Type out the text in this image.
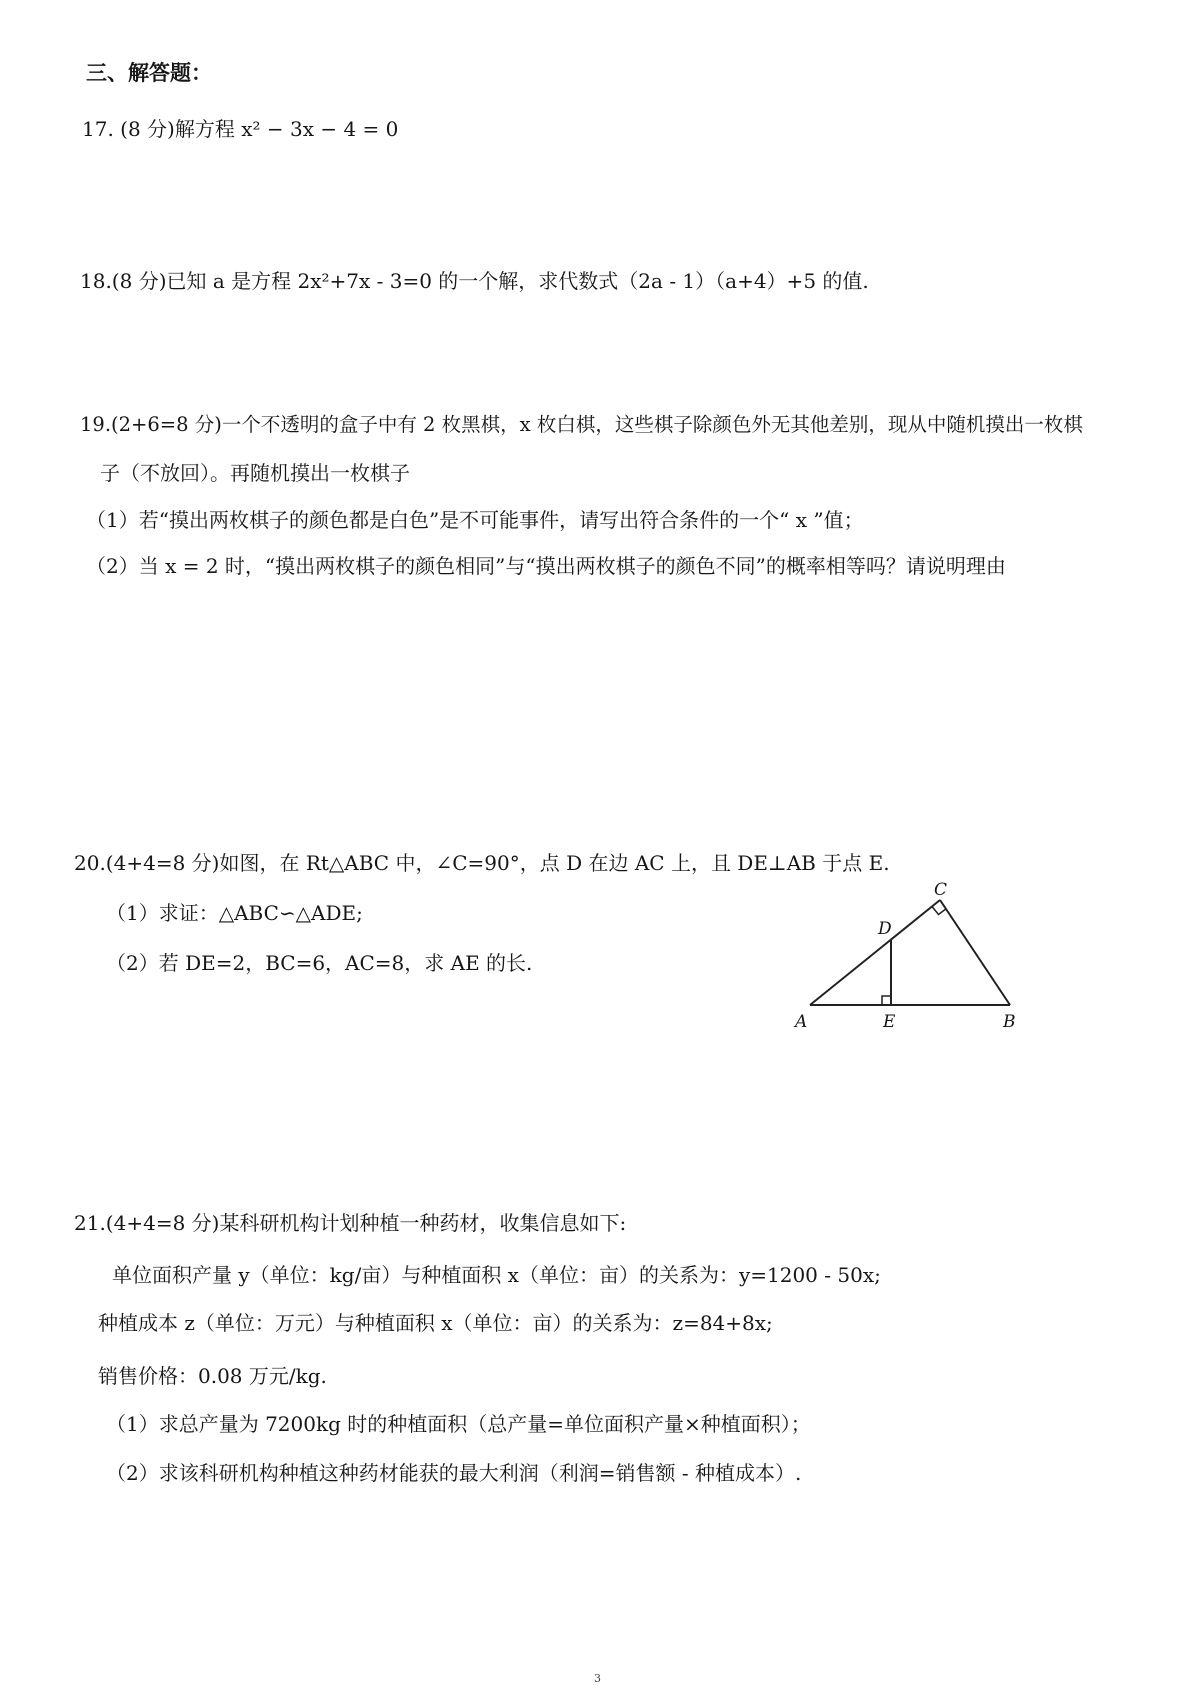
三、解答题：
17. (8 分)解方程 x² − 3x − 4 = 0
18.(8 分)已知 a 是方程 2x²+7x - 3=0 的一个解，求代数式（2a - 1）（a+4）+5 的值.
19.(2+6=8 分)一个不透明的盒子中有 2 枚黑棋，x 枚白棋，这些棋子除颜色外无其他差别，现从中随机摸出一枚棋
子（不放回）。再随机摸出一枚棋子
（1）若“摸出两枚棋子的颜色都是白色”是不可能事件，请写出符合条件的一个“ x ”值；
（2）当 x = 2 时，“摸出两枚棋子的颜色相同”与“摸出两枚棋子的颜色不同”的概率相等吗？请说明理由
20.(4+4=8 分)如图，在 Rt△ABC 中，∠C=90°，点 D 在边 AC 上，且 DE⊥AB 于点 E.
（1）求证：△ABC∽△ADE;
（2）若 DE=2，BC=6，AC=8，求 AE 的长.
A	B
C
D
E
21.(4+4=8 分)某科研机构计划种植一种药材，收集信息如下:
单位面积产量 y（单位：kg/亩）与种植面积 x（单位：亩）的关系为：y=1200 - 50x;
种植成本 z（单位：万元）与种植面积 x（单位：亩）的关系为：z=84+8x;
销售价格：0.08 万元/kg.
（1）求总产量为 7200kg 时的种植面积（总产量=单位面积产量×种植面积）；
（2）求该科研机构种植这种药材能获的最大利润（利润=销售额 - 种植成本）.
3
